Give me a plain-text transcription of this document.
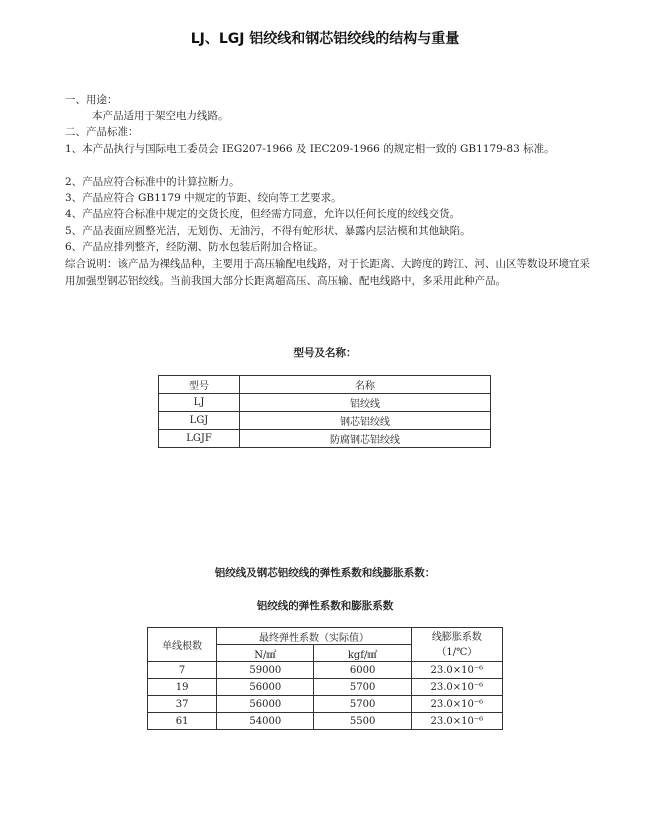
LJ、LGJ 铝绞线和钢芯铝绞线的结构与重量
一、用途：
本产品适用于架空电力线路。
二、产品标准：
1、本产品执行与国际电工委员会 IEG207-1966 及 IEC209-1966 的规定相一致的 GB1179-83 标准。
2、产品应符合标准中的计算拉断力。
3、产品应符合 GB1179 中规定的节距、绞向等工艺要求。
4、产品应符合标准中规定的交货长度，但经需方同意，允许以任何长度的绞线交货。
5、产品表面应圆整光洁，无划伤、无油污，不得有蛇形状、暴露内层沾模和其他缺陷。
6、产品应排列整齐，经防潮、防水包装后附加合格证。
综合说明：该产品为裸线品种，主要用于高压输配电线路，对于长距离、大跨度的跨江、河、山区等数设环境宜采用加强型钢芯铝绞线。当前我国大部分长距离超高压、高压输、配电线路中，多采用此种产品。
型号及名称：
型号	名称
LJ	铝绞线
LGJ	钢芯铝绞线
LGJF	防腐钢芯铝绞线
铝绞线及钢芯铝绞线的弹性系数和线膨胀系数：
铝绞线的弹性系数和膨胀系数
单线根数	最终弹性系数（实际值）		线膨胀系数
（1/℃）
	N/㎟	kgf/㎟	
7	59000	6000	23.0×10⁻⁶
19	56000	5700	23.0×10⁻⁶
37	56000	5700	23.0×10⁻⁶
61	54000	5500	23.0×10⁻⁶
